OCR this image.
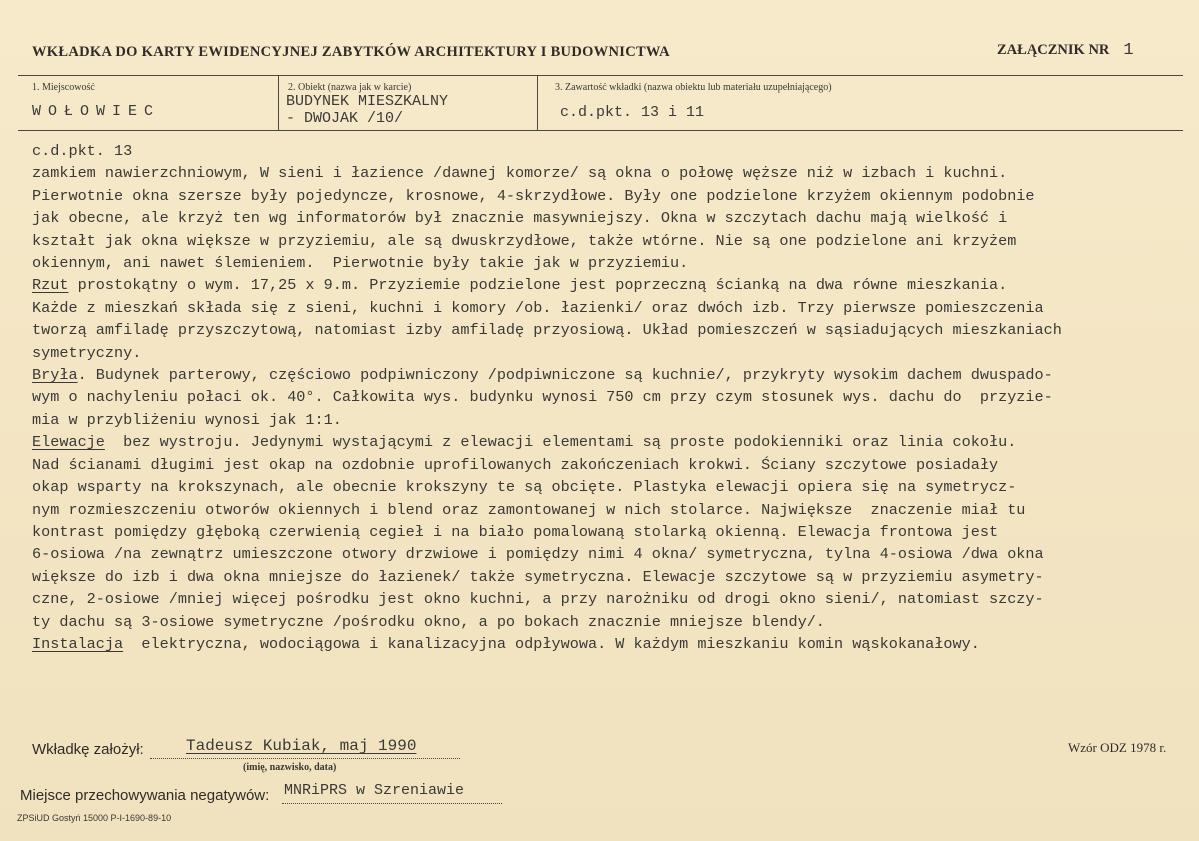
WKŁADKA DO KARTY EWIDENCYJNEJ ZABYTKÓW ARCHITEKTURY I BUDOWNICTWA	ZAŁĄCZNIK NR 1
1. Miejscowość
WOŁOWIEC
2. Obiekt (nazwa jak w karcie)
BUDYNEK MIESZKALNY
- DWOJAK /10/
3. Zawartość wkładki (nazwa obiektu lub materiału uzupełniającego)
c.d.pkt. 13 i 11
c.d.pkt. 13
zamkiem nawierzchniowym, W sieni i łazience /dawnej komorze/ są okna o połowę węższe niż w izbach i kuchni.
Pierwotnie okna szersze były pojedyncze, krosnowe, 4-skrzydłowe. Były one podzielone krzyżem okiennym podobnie
jak obecne, ale krzyż ten wg informatorów był znacznie masywniejszy. Okna w szczytach dachu mają wielkość i
kształt jak okna większe w przyziemiu, ale są dwuskrzydłowe, także wtórne. Nie są one podzielone ani krzyżem
okiennym, ani nawet ślemieniem.  Pierwotnie były takie jak w przyziemiu.
Rzut prostokątny o wym. 17,25 x 9.m. Przyziemie podzielone jest poprzeczną ścianką na dwa równe mieszkania.
Każde z mieszkań składa się z sieni, kuchni i komory /ob. łazienki/ oraz dwóch izb. Trzy pierwsze pomieszczenia
tworzą amfiladę przyszczytową, natomiast izby amfiladę przyosiową. Układ pomieszczeń w sąsiadujących mieszkaniach
symetryczny.
Bryła. Budynek parterowy, częściowo podpiwniczony /podpiwniczone są kuchnie/, przykryty wysokim dachem dwuspado-
wym o nachyleniu połaci ok. 40°. Całkowita wys. budynku wynosi 750 cm przy czym stosunek wys. dachu do  przyzie-
mia w przybliżeniu wynosi jak 1:1.
Elewacje  bez wystroju. Jedynymi wystającymi z elewacji elementami są proste podokienniki oraz linia cokołu.
Nad ścianami długimi jest okap na ozdobnie uprofilowanych zakończeniach krokwi. Ściany szczytowe posiadały
okap wsparty na krokszynach, ale obecnie krokszyny te są obcięte. Plastyka elewacji opiera się na symetrycz-
nym rozmieszczeniu otworów okiennych i blend oraz zamontowanej w nich stolarce. Największe  znaczenie miał tu
kontrast pomiędzy głęboką czerwienią cegieł i na biało pomalowaną stolarką okienną. Elewacja frontowa jest
6-osiowa /na zewnątrz umieszczone otwory drzwiowe i pomiędzy nimi 4 okna/ symetryczna, tylna 4-osiowa /dwa okna
większe do izb i dwa okna mniejsze do łazienek/ także symetryczna. Elewacje szczytowe są w przyziemiu asymetry-
czne, 2-osiowe /mniej więcej pośrodku jest okno kuchni, a przy narożniku od drogi okno sieni/, natomiast szczy-
ty dachu są 3-osiowe symetryczne /pośrodku okno, a po bokach znacznie mniejsze blendy/.
Instalacja  elektryczna, wodociągowa i kanalizacyjna odpływowa. W każdym mieszkaniu komin wąskokanałowy.
Wkładkę założył:	Tadeusz Kubiak, maj 1990
(imię, nazwisko, data)
Wzór ODZ 1978 r.
Miejsce przechowywania negatywów: MNRiPRS w Szreniawie
ZPSiUD Gostyń 15000 P-I-1690-89-10
